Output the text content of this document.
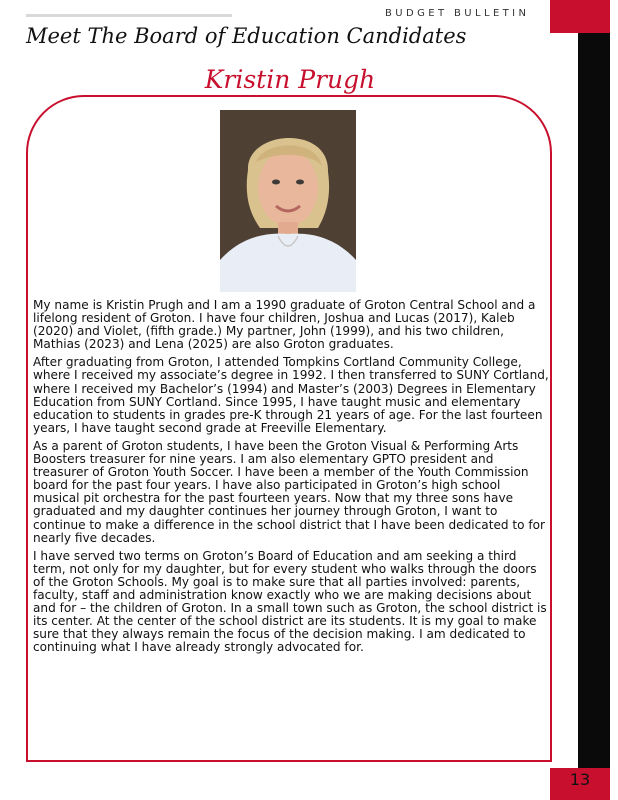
BUDGET BULLETIN
13
Meet The Board of Education Candidates
Kristin Prugh

My name is Kristin Prugh and I am a 1990 graduate of Groton Central School and a lifelong resident of Groton. I have four children, Joshua and Lucas (2017), Kaleb (2020) and Violet, (fifth grade.) My partner, John (1999), and his two children, Mathias (2023) and Lena (2025) are also Groton graduates.

After graduating from Groton, I attended Tompkins Cortland Community College, where I received my associate’s degree in 1992. I then transferred to SUNY Cortland, where I received my Bachelor’s (1994) and Master’s (2003) Degrees in Elementary Education from SUNY Cortland. Since 1995, I have taught music and elementary education to students in grades pre-K through 21 years of age. For the last fourteen years, I have taught second grade at Freeville Elementary.

As a parent of Groton students, I have been the Groton Visual & Performing Arts Boosters treasurer for nine years. I am also elementary GPTO president and treasurer of Groton Youth Soccer. I have been a member of the Youth Commission board for the past four years. I have also participated in Groton’s high school musical pit orchestra for the past fourteen years. Now that my three sons have graduated and my daughter continues her journey through Groton, I want to continue to make a difference in the school district that I have been dedicated to for nearly five decades.

I have served two terms on Groton’s Board of Education and am seeking a third term, not only for my daughter, but for every student who walks through the doors of the Groton Schools. My goal is to make sure that all parties involved: parents, faculty, staff and administration know exactly who we are making decisions about and for – the children of Groton. In a small town such as Groton, the school district is its center. At the center of the school district are its students. It is my goal to make sure that they always remain the focus of the decision making. I am dedicated to continuing what I have already strongly advocated for.
